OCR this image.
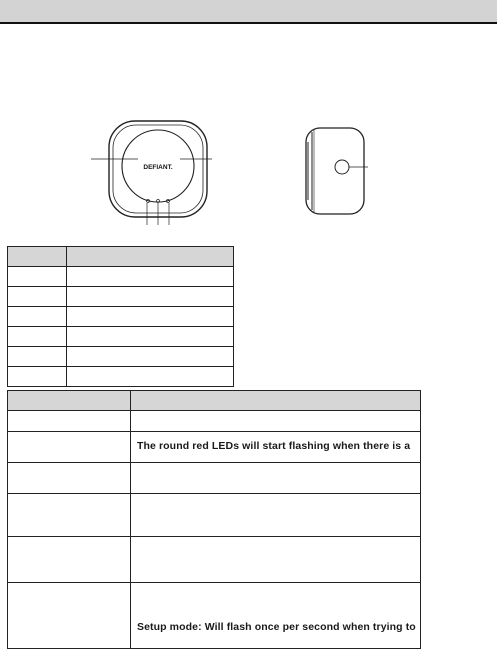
DEFIANT.

	The round red LEDs will start flashing when there is a

	Setup mode: Will flash once per second when trying to
